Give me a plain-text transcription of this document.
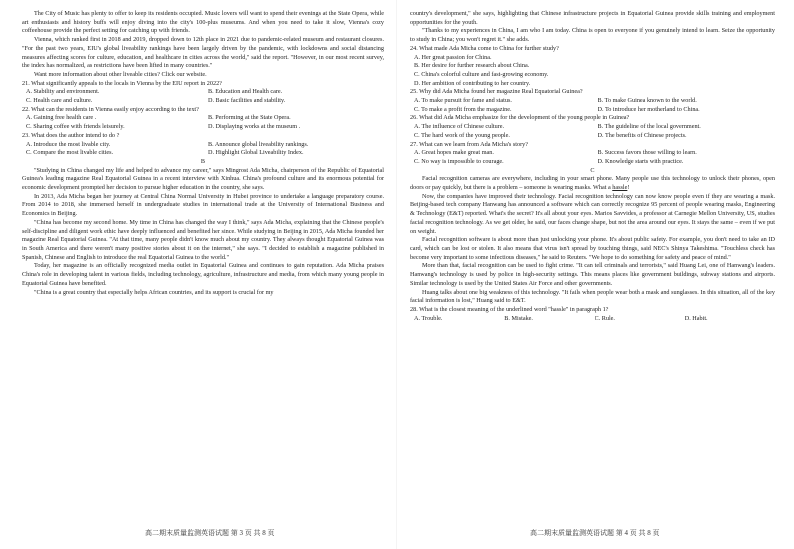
The City of Music has plenty to offer to keep its residents occupied. Music lovers will want to spend their evenings at the State Opera, while art enthusiasts and history buffs will enjoy diving into the city's 100-plus museums. And when you need to take it slow, Vienna's cozy coffeehouse provide the perfect setting for catching up with friends.

Vienna, which ranked first in 2018 and 2019, dropped down to 12th place in 2021 due to pandemic-related museum and restaurant closures. "For the past two years, EIU's global liveability rankings have been largely driven by the pandemic, with lockdowns and social distancing measures affecting scores for culture, education, and healthcare in cities across the world," said the report. "However, in our most recent survey, the index has normalized, as restrictions have been lifted in many countries."

Want more information about other liveable cities? Click our website.

21. What significantly appeals to the locals in Vienna by the EIU report in 2022?
A. Stability and environment.	B. Education and Health care.
C. Health care and culture.	D. Basic facilities and stability.
22. What can the residents in Vienna easily enjoy according to the text?
A. Gaining free health care .	B. Performing at the State Opera.
C. Sharing coffee with friends leisurely.	D. Displaying works at the museum .
23. What does the author intend to do ?
A. Introduce the most livable city.	B. Announce global liveability rankings.
C. Compare the most livable cities.	D. Highlight Global Liveability Index.
B

"Studying in China changed my life and helped to advance my career," says Mingrost Ada Micha, chairperson of the Republic of Equatorial Guinea's leading magazine Real Equatorial Guinea in a recent interview with Xinhua. China's profound culture and its enormous potential for economic development prompted her decision to pursue higher education in the country, she says.

In 2013, Ada Micha began her journey at Central China Normal University in Hubei province to undertake a language preparatory course. From 2014 to 2018, she immersed herself in undergraduate studies in international trade at the University of International Business and Economics in Beijing.

"China has become my second home. My time in China has changed the way I think," says Ada Micha, explaining that the Chinese people's self-discipline and diligent work ethic have deeply influenced and benefited her since. While studying in Beijing in 2015, Ada Micha founded her magazine Real Equatorial Guinea. "At that time, many people didn't know much about my country. They always thought Equatorial Guinea was in South America and there weren't many positive stories about it on the internet," she says. "I decided to establish a magazine published in Spanish, Chinese and English to introduce the real Equatorial Guinea to the world."

Today, her magazine is an officially recognized media outlet in Equatorial Guinea and continues to gain reputation. Ada Micha praises China's role in developing talent in various fields, including technology, agriculture, infrastructure and media, from which many young people in Equatorial Guinea have benefited.

"China is a great country that especially helps African countries, and its support is crucial for my

高二期末质量监测英语试题 第 3 页 共 8 页

country's development," she says, highlighting that Chinese infrastructure projects in Equatorial Guinea provide skills training and employment opportunities for the youth.

"Thanks to my experiences in China, I am who I am today. China is open to everyone if you genuinely intend to learn. Seize the opportunity to study in China; you won't regret it." she adds.

24. What made Ada Micha come to China for further study?
A. Her great passion for China.
B. Her desire for further research about China.
C. China's colorful culture and fast-growing economy.
D. Her ambition of contributing to her country.
25. Why did Ada Micha found her magazine Real Equatorial Guinea?
A. To make pursuit for fame and status.	B. To make Guinea known to the world.
C. To make a profit from the magazine.	D. To introduce her motherland to China.
26. What did Ada Micha emphasize for the development of the young people in Guinea?
A. The influence of Chinese culture.	B. The guideline of the local government.
C. The hard work of the young people.	D. The benefits of Chinese projects.
27. What can we learn from Ada Micha's story?
A. Great hopes make great man.	B. Success favors those willing to learn.
C. No way is impossible to courage.	D. Knowledge starts with practice.
C

Facial recognition cameras are everywhere, including in your smart phone. Many people use this technology to unlock their phones, open doors or pay quickly, but there is a problem – someone is wearing masks. What a hassle!

Now, the companies have improved their technology. Facial recognition technology can now know people even if they are wearing a mask. Beijing-based tech company Hanwang has announced a software which can correctly recognize 95 percent of people wearing masks, Engineering & Technology (E&T) reported. What's the secret? It's all about your eyes. Marios Savvides, a professor at Carnegie Mellon University, US, studies facial recognition technology. As we get older, he said, our faces change shape, but not the area around our eyes. It stays the same – even if we put on weight.

Facial recognition software is about more than just unlocking your phone. It's about public safety. For example, you don't need to take an ID card, which can be lost or stolen. It also means that virus isn't spread by touching things, said NEC's Shinya Takeshima. "Touchless check has become very important to some infectious diseases," he said to Reuters. "We hope to do something for safety and peace of mind."

More than that, facial recognition can be used to fight crime. "It can tell criminals and terrorists," said Huang Lei, one of Hanwang's leaders. Hanwang's technology is used by police in high-security settings. This means places like government buildings, subway stations and airports. Similar technology is used by the United States Air Force and other governments.

Huang talks about one big weakness of this technology. "It fails when people wear both a mask and sunglasses. In this situation, all of the key facial information is lost," Huang said to E&T.

28. What is the closest meaning of the underlined word "hassle" in paragraph 1?
A. Trouble.	B. Mistake.	C. Rule.	D. Habit.
高二期末质量监测英语试题 第 4 页 共 8 页
